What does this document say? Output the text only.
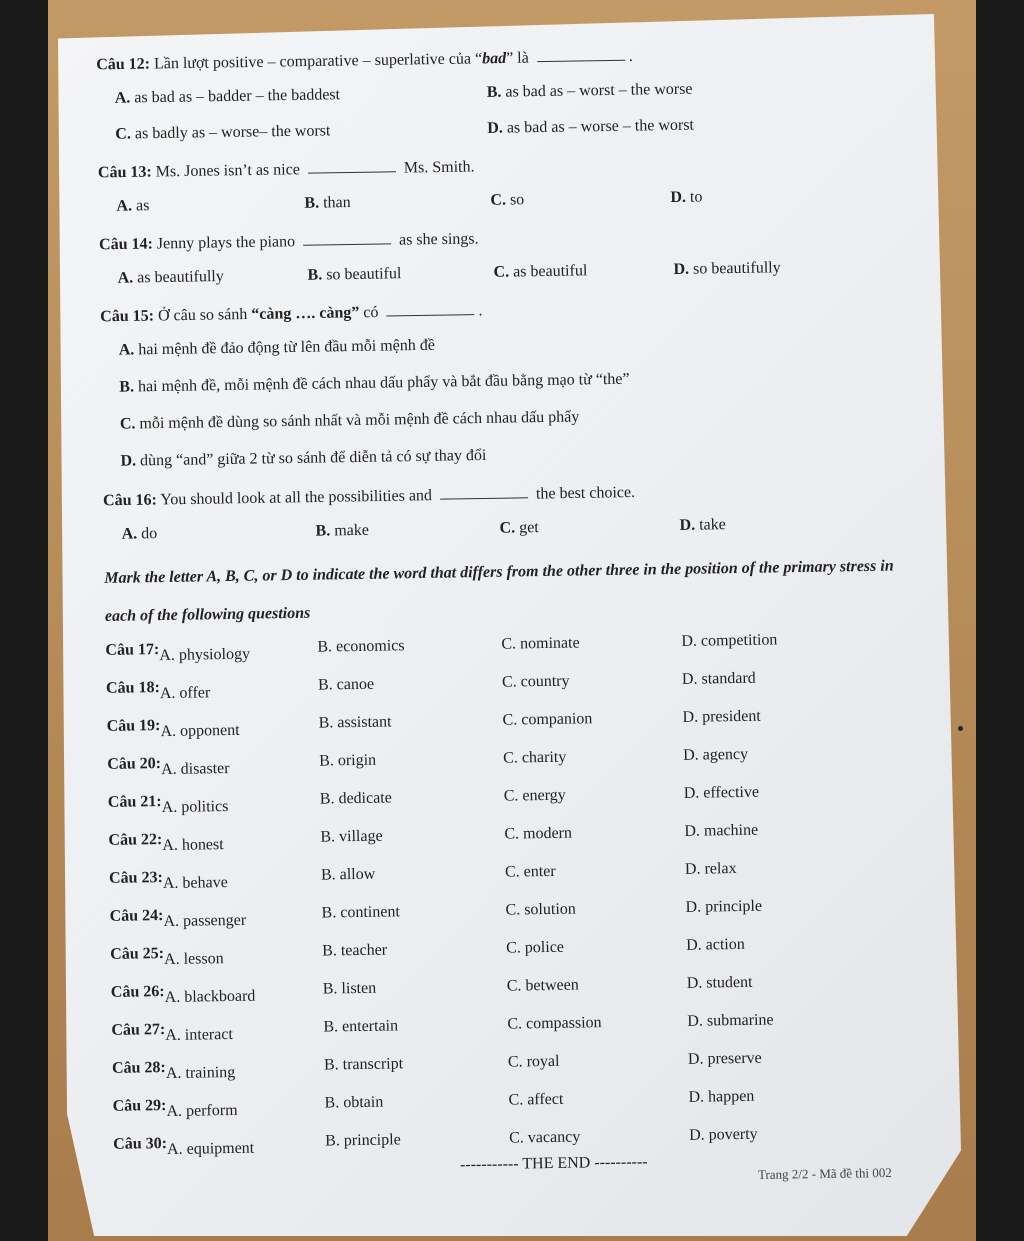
Câu 12: Lần lượt positive – comparative – superlative của “bad” là	.
A. as bad as – badder – the baddest	B. as bad as – worst – the worse
C. as badly as – worse– the worst	D. as bad as – worse – the worst
Câu 13: Ms. Jones isn’t as nice	Ms. Smith.
A. as	B. than	C. so	D. to
Câu 14: Jenny plays the piano	as she sings.
A. as beautifully	B. so beautiful	C. as beautiful	D. so beautifully
Câu 15: Ở câu so sánh “càng …. càng” có	.
A. hai mệnh đề đảo động từ lên đầu mỗi mệnh đề
B. hai mệnh đề, mỗi mệnh đề cách nhau dấu phẩy và bắt đầu bằng mạo từ “the”
C. mỗi mệnh đề dùng so sánh nhất và mỗi mệnh đề cách nhau dấu phẩy
D. dùng “and” giữa 2 từ so sánh để diễn tả có sự thay đổi
Câu 16: You should look at all the possibilities and	the best choice.
A. do	B. make	C. get	D. take
Mark the letter A, B, C, or D to indicate the word that differs from the other three in the position of the primary stress in each of the following questions
Câu 17: A. physiology	B. economics	C. nominate	D. competition
Câu 18: A. offer	B. canoe	C. country	D. standard
Câu 19: A. opponent	B. assistant	C. companion	D. president
Câu 20: A. disaster	B. origin	C. charity	D. agency
Câu 21: A. politics	B. dedicate	C. energy	D. effective
Câu 22: A. honest	B. village	C. modern	D. machine
Câu 23: A. behave	B. allow	C. enter	D. relax
Câu 24: A. passenger	B. continent	C. solution	D. principle
Câu 25: A. lesson	B. teacher	C. police	D. action
Câu 26: A. blackboard	B. listen	C. between	D. student
Câu 27: A. interact	B. entertain	C. compassion	D. submarine
Câu 28: A. training	B. transcript	C. royal	D. preserve
Câu 29: A. perform	B. obtain	C. affect	D. happen
Câu 30: A. equipment	B. principle	C. vacancy	D. poverty
----------- THE END ----------
Trang 2/2 - Mã đề thi 002
